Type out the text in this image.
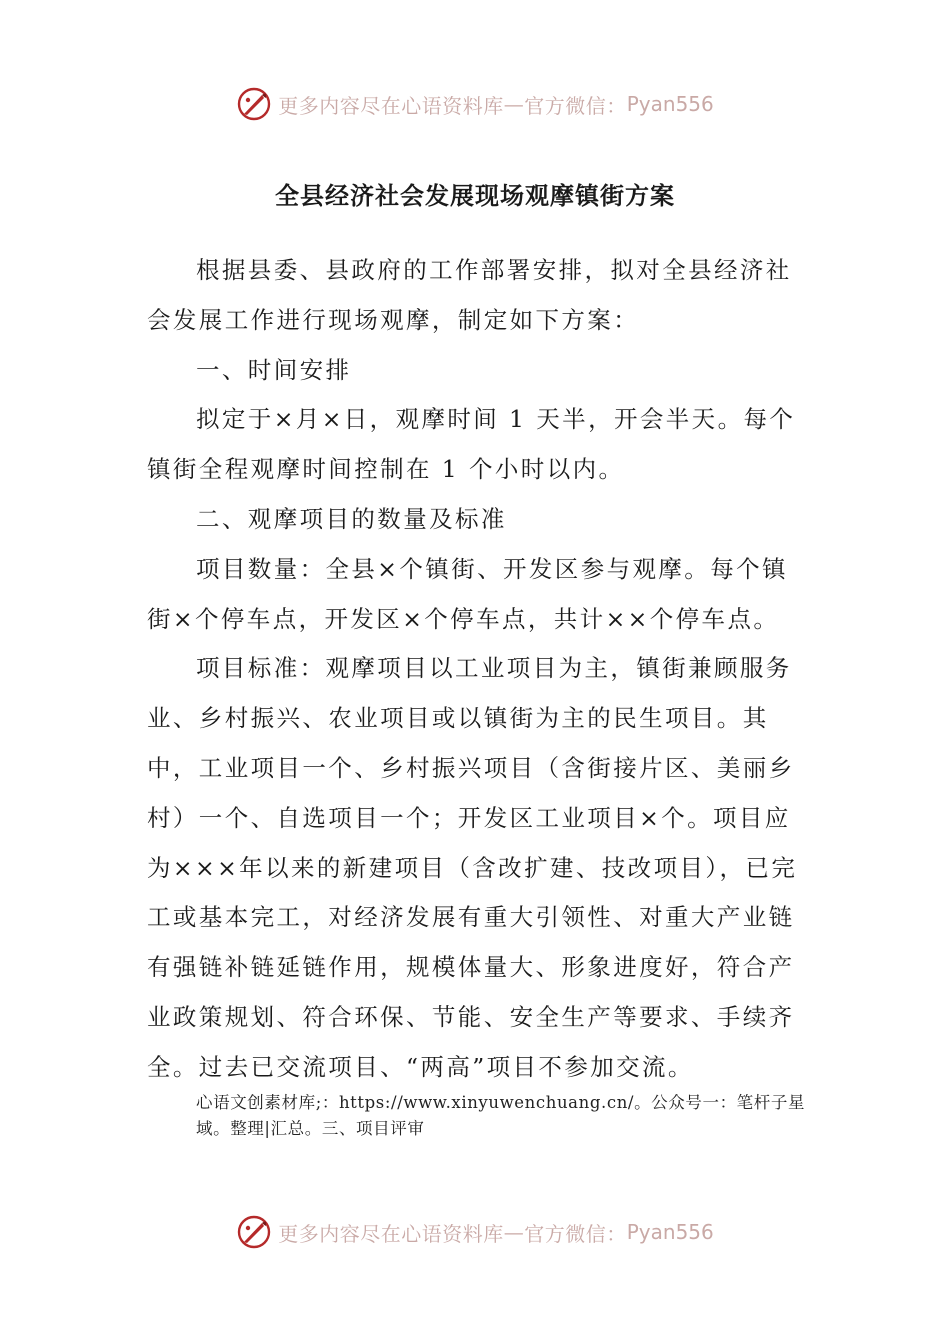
更多内容尽在心语资料库 — 官方微信： Pyan556
全县经济社会发展现场观摩镇街方案

根据县委、县政府的工作部署安排，拟对全县经济社会发展工作进行现场观摩，制定如下方案：

一、时间安排

拟定于×月×日，观摩时间 1 天半，开会半天。每个镇街全程观摩时间控制在 1 个小时以内。

二、观摩项目的数量及标准

项目数量：全县×个镇街、开发区参与观摩。每个镇街×个停车点，开发区×个停车点，共计××个停车点。

项目标准：观摩项目以工业项目为主，镇街兼顾服务业、乡村振兴、农业项目或以镇街为主的民生项目。其中，工业项目一个、乡村振兴项目（含街接片区、美丽乡村）一个、自选项目一个；开发区工业项目×个。项目应为×××年以来的新建项目（含改扩建、技改项目），已完工或基本完工，对经济发展有重大引领性、对重大产业链有强链补链延链作用，规模体量大、形象进度好，符合产业政策规划、符合环保、节能、安全生产等要求、手续齐全。过去已交流项目、“两高”项目不参加交流。

心语文创素材库;：https://www.xinyuwenchuang.cn/。公众号一：笔杆子星域。整理|汇总。三、项目评审
更多内容尽在心语资料库 — 官方微信： Pyan556
